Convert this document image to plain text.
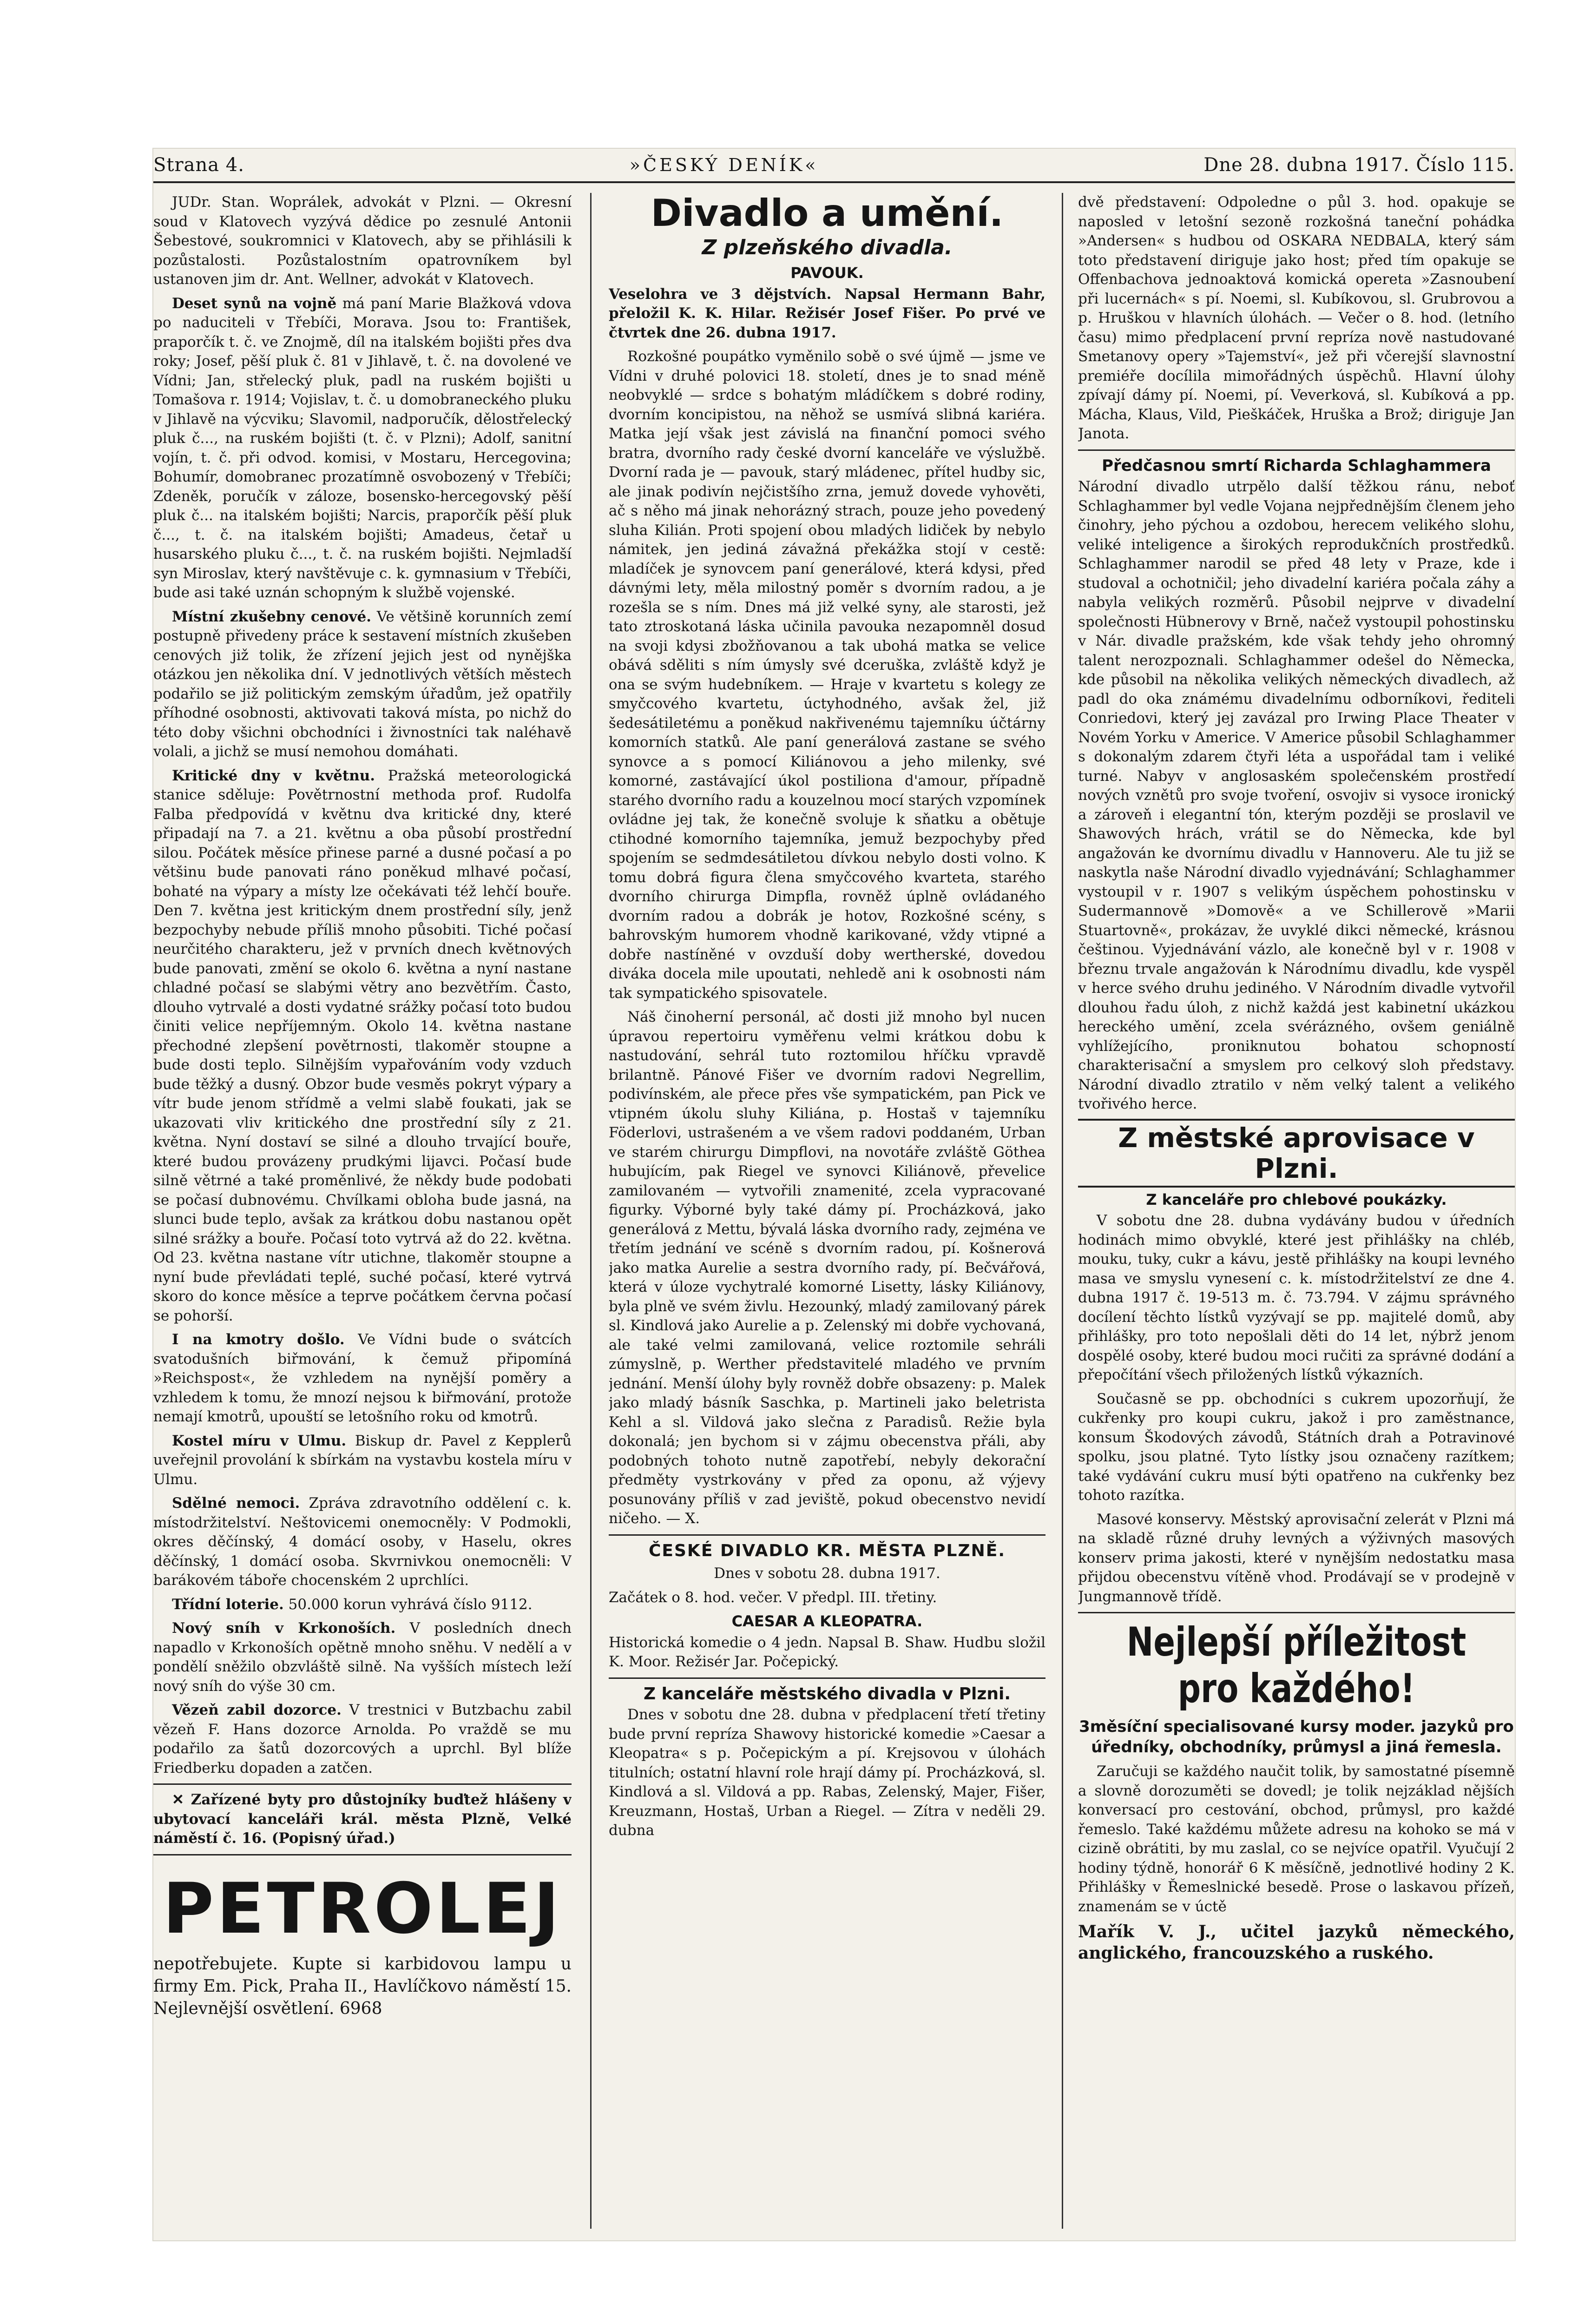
Strana 4.	»ČESKÝ DENÍK«	Dne 28. dubna 1917. Číslo 115.

JUDr. Stan. Woprálek, advokát v Plzni. — Okresní soud v Klatovech vyzývá dědice po zesnulé Antonii Šebestové, soukromnici v Klatovech, aby se přihlásili k pozůstalosti. Pozůstalostním opatrovníkem byl ustanoven jim dr. Ant. Wellner, advokát v Klatovech.

Deset synů na vojně má paní Marie Blažková vdova po naduciteli v Třebíči, Morava. Jsou to: František, praporčík t. č. ve Znojmě, díl na italském bojišti přes dva roky; Josef, pěší pluk č. 81 v Jihlavě, t. č. na dovolené ve Vídni; Jan, střelecký pluk, padl na ruském bojišti u Tomašova r. 1914; Vojislav, t. č. u domobraneckého pluku v Jihlavě na výcviku; Slavomil, nadporučík, dělostřelecký pluk č..., na ruském bojišti (t. č. v Plzni); Adolf, sanitní vojín, t. č. při odvod. komisi, v Mostaru, Hercegovina; Bohumír, domobranec prozatímně osvobozený v Třebíči; Zdeněk, poručík v záloze, bosensko-hercegovský pěší pluk č... na italském bojišti; Narcis, praporčík pěší pluk č..., t. č. na italském bojišti; Amadeus, četař u husarského pluku č..., t. č. na ruském bojišti. Nejmladší syn Miroslav, který navštěvuje c. k. gymnasium v Třebíči, bude asi také uznán schopným k službě vojenské.

Místní zkušebny cenové. Ve většině korunních zemí postupně přivedeny práce k sestavení místních zkušeben cenových již tolik, že zřízení jejich jest od nynějška otázkou jen několika dní. V jednotlivých větších městech podařilo se již politickým zemským úřadům, jež opatřily příhodné osobnosti, aktivovati taková místa, po nichž do této doby všichni obchodníci i živnostníci tak naléhavě volali, a jichž se musí nemohou domáhati.

Kritické dny v květnu. Pražská meteorologická stanice sděluje: Povětrnostní methoda prof. Rudolfa Falba předpovídá v květnu dva kritické dny, které připadají na 7. a 21. květnu a oba působí prostřední silou. Počátek měsíce přinese parné a dusné počasí a po většinu bude panovati ráno poněkud mlhavé počasí, bohaté na výpary a místy lze očekávati též lehčí bouře. Den 7. května jest kritickým dnem prostřední síly, jenž bezpochyby nebude příliš mnoho působiti. Tiché počasí neurčitého charakteru, jež v prvních dnech květnových bude panovati, změní se okolo 6. května a nyní nastane chladné počasí se slabými větry ano bezvětřím. Často, dlouho vytrvalé a dosti vydatné srážky počasí toto budou činiti velice nepříjemným. Okolo 14. května nastane přechodné zlepšení povětrnosti, tlakoměr stoupne a bude dosti teplo. Silnějším vypařováním vody vzduch bude těžký a dusný. Obzor bude vesměs pokryt výpary a vítr bude jenom střídmě a velmi slabě foukati, jak se ukazovati vliv kritického dne prostřední síly z 21. května. Nyní dostaví se silné a dlouho trvající bouře, které budou provázeny prudkými lijavci. Počasí bude silně větrné a také proměnlivé, že někdy bude podobati se počasí dubnovému. Chvílkami obloha bude jasná, na slunci bude teplo, avšak za krátkou dobu nastanou opět silné srážky a bouře. Počasí toto vytrvá až do 22. května. Od 23. května nastane vítr utichne, tlakoměr stoupne a nyní bude převládati teplé, suché počasí, které vytrvá skoro do konce měsíce a teprve počátkem června počasí se pohorší.

I na kmotry došlo. Ve Vídni bude o svátcích svatodušních biřmování, k čemuž připomíná »Reichspost«, že vzhledem na nynější poměry a vzhledem k tomu, že mnozí nejsou k biřmování, protože nemají kmotrů, upouští se letošního roku od kmotrů.

Kostel míru v Ulmu. Biskup dr. Pavel z Kepplerů uveřejnil provolání k sbírkám na vystavbu kostela míru v Ulmu.

Sdělné nemoci. Zpráva zdravotního oddělení c. k. místodržitelství. Neštovicemi onemocněly: V Podmokli, okres děčínský, 4 domácí osoby, v Haselu, okres děčínský, 1 domácí osoba. Skvrnivkou onemocněli: V barákovém táboře chocenském 2 uprchlíci.

Třídní loterie. 50.000 korun vyhrává číslo 9112.

Nový sníh v Krkonoších. V posledních dnech napadlo v Krkonoších opětně mnoho sněhu. V nedělí a v pondělí sněžilo obzvláště silně. Na vyšších místech leží nový sníh do výše 30 cm.

Vězeň zabil dozorce. V trestnici v Butzbachu zabil vězeň F. Hans dozorce Arnolda. Po vraždě se mu podařilo za šatů dozorcových a uprchl. Byl blíže Friedberku dopaden a zatčen.

✕ Zařízené byty pro důstojníky buďtež hlášeny v ubytovací kanceláři král. města Plzně, Velké náměstí č. 16. (Popisný úřad.)

PETROLEJ

nepotřebujete. Kupte si karbidovou lampu u firmy Em. Pick, Praha II., Havlíčkovo náměstí 15. Nejlevnější osvětlení. 6968

Divadlo a umění.
Z plzeňského divadla.
PAVOUK.

Veselohra ve 3 dějstvích. Napsal Hermann Bahr, přeložil K. K. Hilar. Režisér Josef Fišer. Po prvé ve čtvrtek dne 26. dubna 1917.

Rozkošné poupátko vyměnilo sobě o své újmě — jsme ve Vídni v druhé polovici 18. století, dnes je to snad méně neobvyklé — srdce s bohatým mládíčkem s dobré rodiny, dvorním koncipistou, na něhož se usmívá slibná kariéra. Matka její však jest závislá na finanční pomoci svého bratra, dvorního rady české dvorní kanceláře ve výslužbě. Dvorní rada je — pavouk, starý mládenec, přítel hudby sic, ale jinak podivín nejčistšího zrna, jemuž dovede vyhověti, ač s něho má jinak nehorázný strach, pouze jeho povedený sluha Kilián. Proti spojení obou mladých lidiček by nebylo námitek, jen jediná závažná překážka stojí v cestě: mladíček je synovcem paní generálové, která kdysi, před dávnými lety, měla milostný poměr s dvorním radou, a je rozešla se s ním. Dnes má již velké syny, ale starosti, jež tato ztroskotaná láska učinila pavouka nezapomněl dosud na svoji kdysi zbožňovanou a tak ubohá matka se velice obává sděliti s ním úmysly své dceruška, zvláště když je ona se svým hudebníkem. — Hraje v kvartetu s kolegy ze smyčcového kvartetu, úctyhodného, avšak žel, již šedesátiletému a poněkud nakřivenému tajemníku účtárny komorních statků. Ale paní generálová zastane se svého synovce a s pomocí Kiliánovou a jeho milenky, své komorné, zastávající úkol postiliona d'amour, případně starého dvorního radu a kouzelnou mocí starých vzpomínek ovládne jej tak, že konečně svoluje k sňatku a obětuje ctihodné komorního tajemníka, jemuž bezpochyby před spojením se sedmdesátiletou dívkou nebylo dosti volno. K tomu dobrá figura člena smyčcového kvarteta, starého dvorního chirurga Dimpfla, rovněž úplně ovládaného dvorním radou a dobrák je hotov, Rozkošné scény, s bahrovským humorem vhodně karikované, vždy vtipné a dobře nastíněné v ovzduší doby wertherské, dovedou diváka docela mile upoutati, nehledě ani k osobnosti nám tak sympatického spisovatele.

Náš činoherní personál, ač dosti již mnoho byl nucen úpravou repertoiru vyměřenu velmi krátkou dobu k nastudování, sehrál tuto roztomilou hříčku vpravdě brilantně. Pánové Fišer ve dvorním radovi Negrellim, podivínském, ale přece přes vše sympatickém, pan Pick ve vtipném úkolu sluhy Kiliána, p. Hostaš v tajemníku Föderlovi, ustrašeném a ve všem radovi poddaném, Urban ve starém chirurgu Dimpflovi, na novotáře zvláště Göthea hubujícím, pak Riegel ve synovci Kiliánově, převelice zamilovaném — vytvořili znamenité, zcela vypracované figurky. Výborné byly také dámy pí. Procházková, jako generálová z Mettu, bývalá láska dvorního rady, zejména ve třetím jednání ve scéně s dvorním radou, pí. Košnerová jako matka Aurelie a sestra dvorního rady, pí. Bečvářová, která v úloze vychytralé komorné Lisetty, lásky Kiliánovy, byla plně ve svém živlu. Hezounký, mladý zamilovaný párek sl. Kindlová jako Aurelie a p. Zelenský mi dobře vychovaná, ale také velmi zamilovaná, velice roztomile sehráli zúmyslně, p. Werther představitelé mladého ve prvním jednání. Menší úlohy byly rovněž dobře obsazeny: p. Malek jako mladý básník Saschka, p. Martineli jako beletrista Kehl a sl. Vildová jako slečna z Paradisů. Režie byla dokonalá; jen bychom si v zájmu obecenstva přáli, aby podobných tohoto nutně zapotřebí, nebyly dekorační předměty vystrkovány v před za oponu, až výjevy posunovány příliš v zad jeviště, pokud obecenstvo nevidí ničeho. — X.

ČESKÉ DIVADLO KR. MĚSTA PLZNĚ.

Dnes v sobotu 28. dubna 1917.

Začátek o 8. hod. večer. V předpl. III. třetiny.

CAESAR A KLEOPATRA.

Historická komedie o 4 jedn. Napsal B. Shaw. Hudbu složil K. Moor. Režisér Jar. Počepický.

Z kanceláře městského divadla v Plzni.

Dnes v sobotu dne 28. dubna v předplacení třetí třetiny bude první repríza Shawovy historické komedie »Caesar a Kleopatra« s p. Počepickým a pí. Krejsovou v úlohách titulních; ostatní hlavní role hrají dámy pí. Procházková, sl. Kindlová a sl. Vildová a pp. Rabas, Zelenský, Majer, Fišer, Kreuzmann, Hostaš, Urban a Riegel. — Zítra v neděli 29. dubna

dvě představení: Odpoledne o půl 3. hod. opakuje se naposled v letošní sezoně rozkošná taneční pohádka »Andersen« s hudbou od OSKARA NEDBALA, který sám toto představení diriguje jako host; před tím opakuje se Offenbachova jednoaktová komická opereta »Zasnoubení při lucernách« s pí. Noemi, sl. Kubíkovou, sl. Grubrovou a p. Hruškou v hlavních úlohách. — Večer o 8. hod. (letního času) mimo předplacení první repríza nově nastudované Smetanovy opery »Tajemství«, jež při včerejší slavnostní premiéře docílila mimořádných úspěchů. Hlavní úlohy zpívají dámy pí. Noemi, pí. Veverková, sl. Kubíková a pp. Mácha, Klaus, Vild, Pieškáček, Hruška a Brož; diriguje Jan Janota.

Předčasnou smrtí Richarda Schlaghammera

Národní divadlo utrpělo další těžkou ránu, neboť Schlaghammer byl vedle Vojana nejpřednějším členem jeho činohry, jeho pýchou a ozdobou, herecem velikého slohu, veliké inteligence a širokých reprodukčních prostředků. Schlaghammer narodil se před 48 lety v Praze, kde i studoval a ochotničil; jeho divadelní kariéra počala záhy a nabyla velikých rozměrů. Působil nejprve v divadelní společnosti Hübnerovy v Brně, načež vystoupil pohostinsku v Nár. divadle pražském, kde však tehdy jeho ohromný talent nerozpoznali. Schlaghammer odešel do Německa, kde působil na několika velikých německých divadlech, až padl do oka známému divadelnímu odborníkovi, řediteli Conriedovi, který jej zavázal pro Irwing Place Theater v Novém Yorku v Americe. V Americe působil Schlaghammer s dokonalým zdarem čtyři léta a uspořádal tam i veliké turné. Nabyv v anglosaském společenském prostředí nových vznětů pro svoje tvoření, osvojiv si vysoce ironický a zároveň i elegantní tón, kterým později se proslavil ve Shawových hrách, vrátil se do Německa, kde byl angažován ke dvornímu divadlu v Hannoveru. Ale tu již se naskytla naše Národní divadlo vyjednávání; Schlaghammer vystoupil v r. 1907 s velikým úspěchem pohostinsku v Sudermannově »Domově« a ve Schillerově »Marii Stuartovně«, prokázav, že uvyklé dikci německé, krásnou češtinou. Vyjednávání vázlo, ale konečně byl v r. 1908 v březnu trvale angažován k Národnímu divadlu, kde vyspěl v herce svého druhu jediného. V Národním divadle vytvořil dlouhou řadu úloh, z nichž každá jest kabinetní ukázkou hereckého umění, zcela svérázného, ovšem geniálně vyhlížejícího, proniknutou bohatou schopností charakterisační a smyslem pro celkový sloh představy. Národní divadlo ztratilo v něm velký talent a velikého tvořivého herce.

Z městské aprovisace v Plzni.
Z kanceláře pro chlebové poukázky.

V sobotu dne 28. dubna vydávány budou v úředních hodinách mimo obvyklé, které jest přihlášky na chléb, mouku, tuky, cukr a kávu, jestě přihlášky na koupi levného masa ve smyslu vynesení c. k. místodržitelství ze dne 4. dubna 1917 č. 19-513 m. č. 73.794. V zájmu správného docílení těchto lístků vyzývají se pp. majitelé domů, aby přihlášky, pro toto nepošlali děti do 14 let, nýbrž jenom dospělé osoby, které budou moci ručiti za správné dodání a přepočítání všech přiložených lístků výkazních.

Současně se pp. obchodníci s cukrem upozorňují, že cukřenky pro koupi cukru, jakož i pro zaměstnance, konsum Škodových závodů, Státních drah a Potravinové spolku, jsou platné. Tyto lístky jsou označeny razítkem; také vydávání cukru musí býti opatřeno na cukřenky bez tohoto razítka.

Masové konservy. Městský aprovisační zelerát v Plzni má na skladě různé druhy levných a výživných masových konserv prima jakosti, které v nynějším nedostatku masa přijdou obecenstvu vítěně vhod. Prodávají se v prodejně v Jungmannově třídě.

Nejlepší příležitost pro každého!

3měsíční specialisované kursy moder. jazyků pro úředníky, obchodníky, průmysl a jiná řemesla.

Zaručuji se každého naučit tolik, by samostatné písemně a slovně dorozuměti se dovedl; je tolik nejzáklad nějších konversací pro cestování, obchod, průmysl, pro každé řemeslo. Také každému můžete adresu na kohoko se má v cizině obrátiti, by mu zaslal, co se nejvíce opatřil. Vyučují 2 hodiny týdně, honorář 6 K měsíčně, jednotlivé hodiny 2 K. Přihlášky v Řemeslnické besedě. Prose o laskavou přízeň, znamenám se v úctě

Mařík V. J., učitel jazyků německého, anglického, francouzského a ruského.
